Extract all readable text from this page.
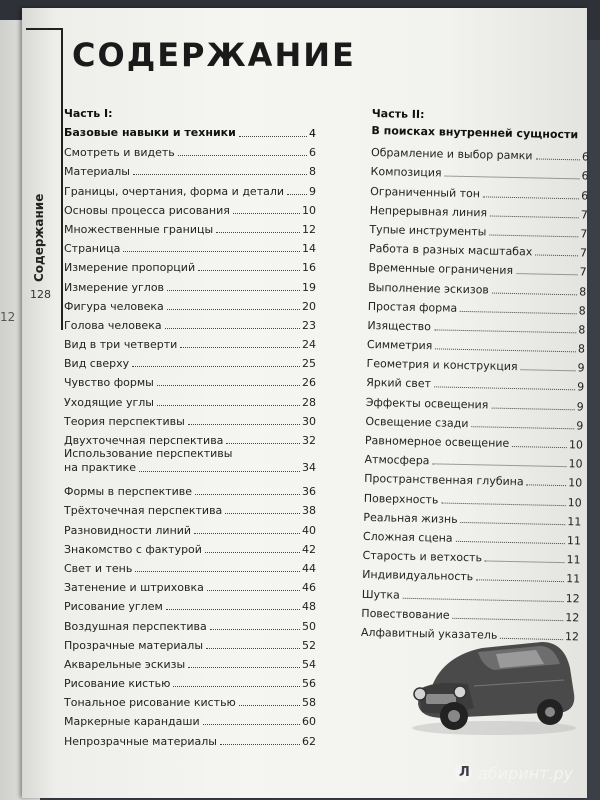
12
Содержание
128
СОДЕРЖАНИЕ
Часть I:
Базовые навыки и техники	4
Смотреть и видеть	6
Материалы	8
Границы, очертания, форма и детали 9
Основы процесса рисования	10
Множественные границы	12
Страница	14
Измерение пропорций	16
Измерение углов	19
Фигура человека	20
Голова человека	23
Вид в три четверти	24
Вид сверху	25
Чувство формы	26
Уходящие углы	28
Теория перспективы	30
Двухточечная перспектива	32
Использование перспективы
на практике	34
Формы в перспективе	36
Трёхточечная перспектива	38
Разновидности линий	40
Знакомство с фактурой	42
Свет и тень	44
Затенение и штриховка	46
Рисование углем	48
Воздушная перспектива	50
Прозрачные материалы	52
Акварельные эскизы	54
Рисование кистью	56
Тональное рисование кистью	58
Маркерные карандаши	60
Непрозрачные материалы	62
Часть II:
В поисках внутренней сущности
Обрамление и выбор рамки	6
Композиция	6
Ограниченный тон	6
Непрерывная линия	7
Тупые инструменты	7
Работа в разных масштабах	7
Временные ограничения	7
Выполнение эскизов	8
Простая форма	8
Изящество	8
Симметрия	8
Геометрия и конструкция	9
Яркий свет	9
Эффекты освещения	9
Освещение сзади	9
Равномерное освещение	10
Атмосфера	10
Пространственная глубина	10
Поверхность	10
Реальная жизнь	11
Сложная сцена	11
Старость и ветхость	11
Индивидуальность	11
Шутка	12
Повествование	12
Алфавитный указатель	12
Л абиринт.ру
